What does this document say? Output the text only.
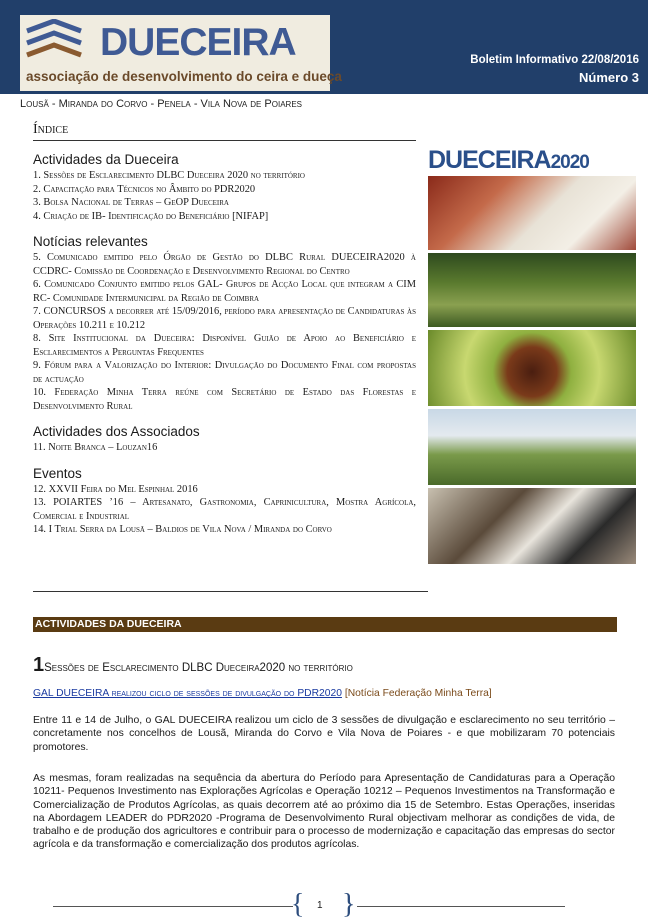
DUECEIRA
associação de desenvolvimento do ceira e dueça
Boletim Informativo 22/08/2016
Número 3
Lousã - Miranda do Corvo - Penela - Vila Nova de Poiares
Índice
Actividades da Dueceira
1. Sessões de Esclarecimento DLBC Dueceira 2020 no território
2. Capacitação para Técnicos no Âmbito do PDR2020
3. Bolsa Nacional de Terras – GeOP Dueceira
4. Criação de IB- Identificação do Beneficiário [NIFAP]
Notícias relevantes
5. Comunicado emitido pelo Órgão de Gestão do DLBC Rural DUECEIRA2020 à CCDRC- Comissão de Coordenação e Desenvolvimento Regional do Centro
6. Comunicado Conjunto emitido pelos GAL- Grupos de Acção Local que integram a CIM RC- Comunidade Intermunicipal da Região de Coimbra
7. CONCURSOS a decorrer até 15/09/2016, período para apresentação de Candidaturas às Operações 10.211 e 10.212
8. Site Institucional da Dueceira: Disponível Guião de Apoio ao Beneficiário e Esclarecimentos a Perguntas Frequentes
9. Fórum para a Valorização do Interior: Divulgação do Documento Final com propostas de actuação
10. Federação Minha Terra reúne com Secretário de Estado das Florestas e Desenvolvimento Rural
Actividades dos Associados
11. Noite Branca – Louzan16
Eventos
12. XXVII Feira do Mel Espinhal 2016
13. POIARTES ’16 – Artesanato, Gastronomia, Caprinicultura, Mostra Agrícola, Comercial e Industrial
14. I Trial Serra da Lousã – Baldios de Vila Nova / Miranda do Corvo
DUECEIRA2020
ACTIVIDADES DA DUECEIRA
1Sessões de Esclarecimento DLBC Dueceira2020 no território
GAL DUECEIRA realizou ciclo de sessões de divulgação do PDR2020 [Notícia Federação Minha Terra]
Entre 11 e 14 de Julho, o GAL DUECEIRA realizou um ciclo de 3 sessões de divulgação e esclarecimento no seu território – concretamente nos concelhos de Lousã, Miranda do Corvo e Vila Nova de Poiares - e que mobilizaram 70 potenciais promotores.
As mesmas, foram realizadas na sequência da abertura do Período para Apresentação de Candidaturas para a Operação 10211- Pequenos Investimento nas Explorações Agrícolas e Operação 10212 – Pequenos Investimentos na Transformação e Comercialização de Produtos Agrícolas, as quais decorrem até ao próximo dia 15 de Setembro. Estas Operações, inseridas na Abordagem LEADER do PDR2020 -Programa de Desenvolvimento Rural objectivam melhorar as condições de vida, de trabalho e de produção dos agricultores e contribuir para o processo de modernização e capacitação das empresas do sector agrícola e da transformação e comercialização dos produtos agrícolas.
{ 1 }
